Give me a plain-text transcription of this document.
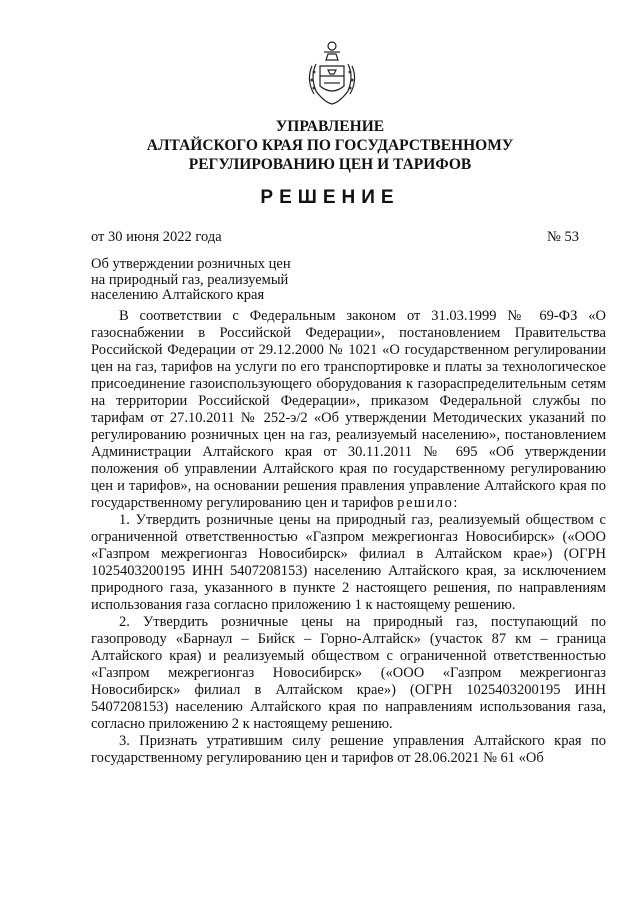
УПРАВЛЕНИЕ
АЛТАЙСКОГО КРАЯ ПО ГОСУДАРСТВЕННОМУ
РЕГУЛИРОВАНИЮ ЦЕН И ТАРИФОВ
РЕШЕНИЕ
от 30 июня 2022 года	№ 53
Об утверждении розничных цен
на природный газ, реализуемый
населению Алтайского края

В соответствии с Федеральным законом от 31.03.1999 № 69-ФЗ «О газоснабжении в Российской Федерации», постановлением Правительства Российской Федерации от 29.12.2000 № 1021 «О государственном регулировании цен на газ, тарифов на услуги по его транспортировке и платы за технологическое присоединение газоиспользующего оборудования к газораспределительным сетям на территории Российской Федерации», приказом Федеральной службы по тарифам от 27.10.2011 № 252-э/2 «Об утверждении Методических указаний по регулированию розничных цен на газ, реализуемый населению», постановлением Администрации Алтайского края от 30.11.2011 № 695 «Об утверждении положения об управлении Алтайского края по государственному регулированию цен и тарифов», на основании решения правления управление Алтайского края по государственному регулированию цен и тарифов решило:

1. Утвердить розничные цены на природный газ, реализуемый обществом с ограниченной ответственностью «Газпром межрегионгаз Новосибирск» («ООО «Газпром межрегионгаз Новосибирск» филиал в Алтайском крае») (ОГРН 1025403200195 ИНН 5407208153) населению Алтайского края, за исключением природного газа, указанного в пункте 2 настоящего решения, по направлениям использования газа согласно приложению 1 к настоящему решению.

2. Утвердить розничные цены на природный газ, поступающий по газопроводу «Барнаул – Бийск – Горно-Алтайск» (участок 87 км – граница Алтайского края) и реализуемый обществом с ограниченной ответственностью «Газпром межрегионгаз Новосибирск» («ООО «Газпром межрегионгаз Новосибирск» филиал в Алтайском крае») (ОГРН 1025403200195 ИНН 5407208153) населению Алтайского края по направлениям использования газа, согласно приложению 2 к настоящему решению.

3. Признать утратившим силу решение управления Алтайского края по государственному регулированию цен и тарифов от 28.06.2021 № 61 «Об
